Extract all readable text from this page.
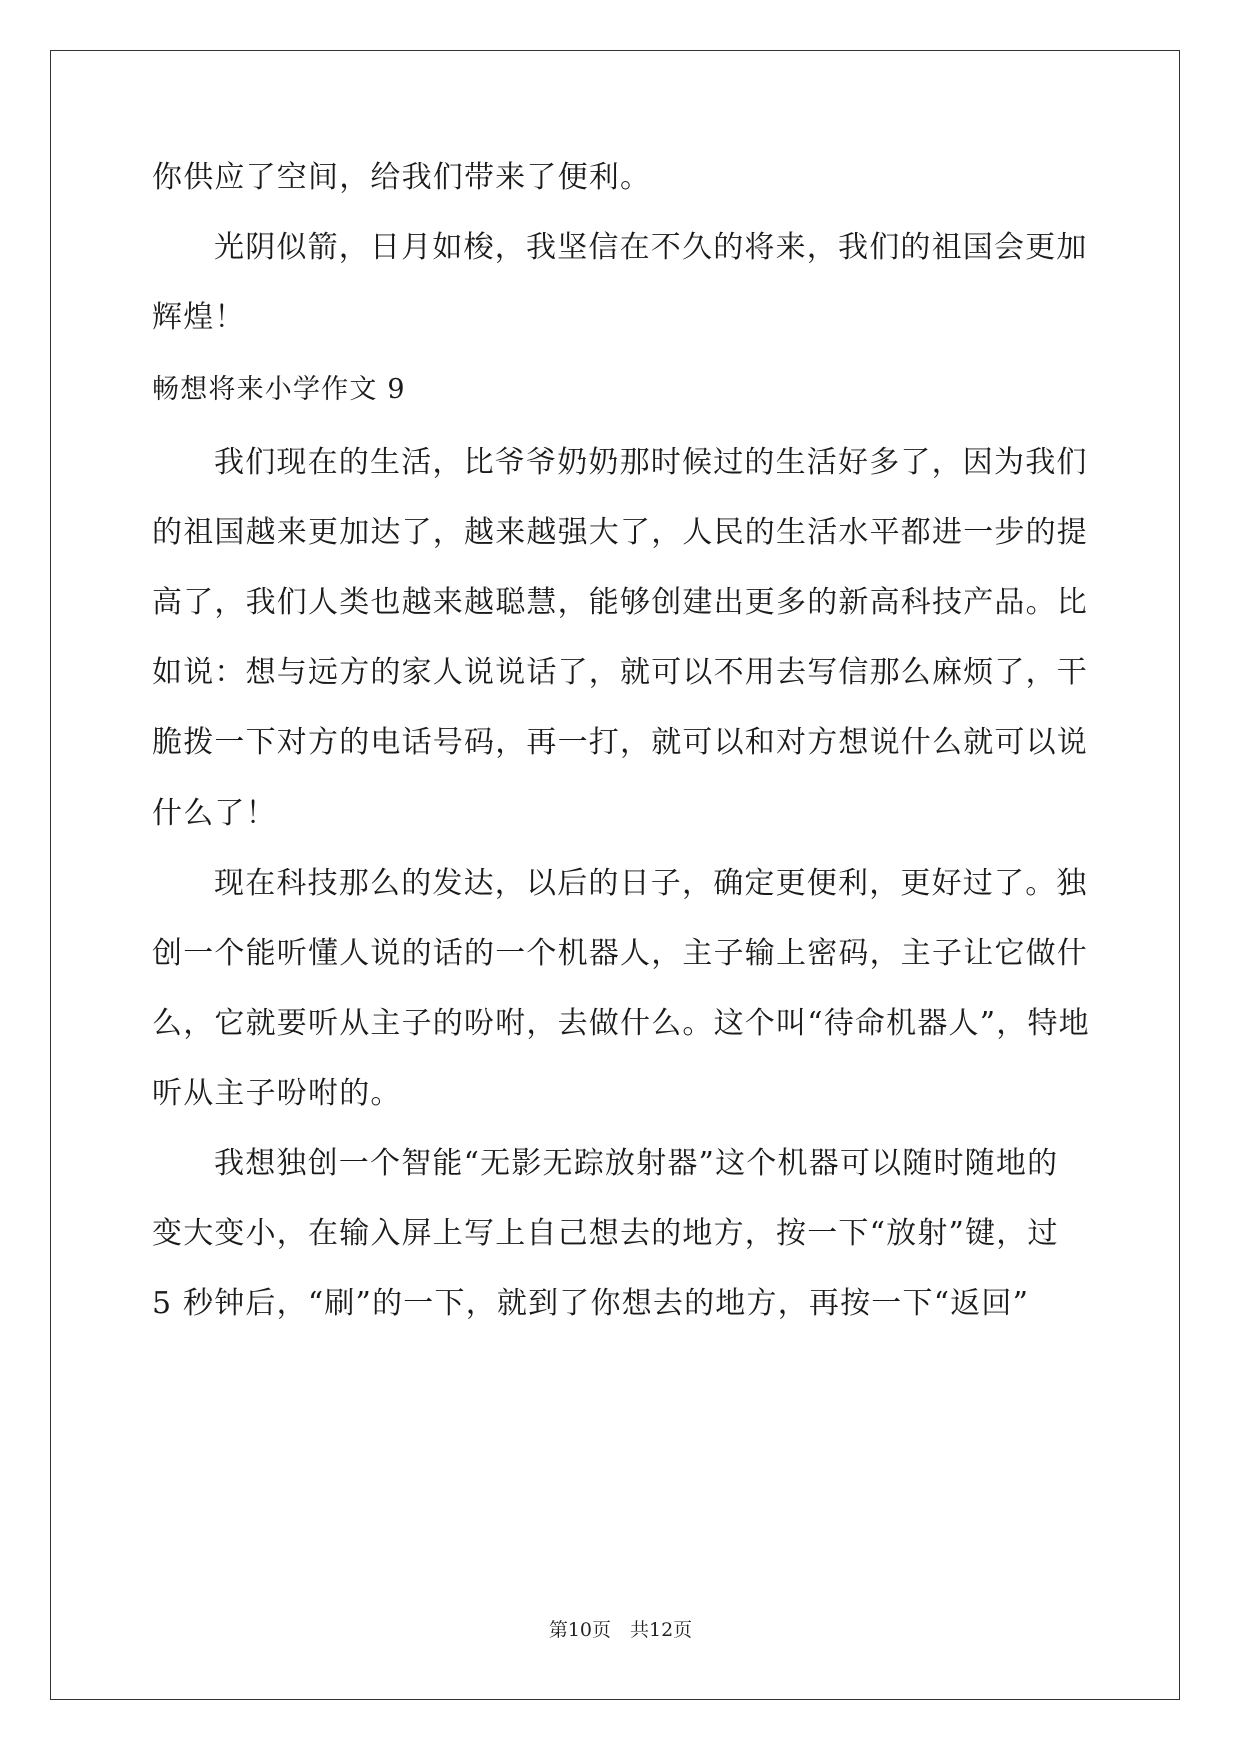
你供应了空间，给我们带来了便利。
光阴似箭，日月如梭，我坚信在不久的将来，我们的祖国会更加
辉煌！
畅想将来小学作文 9
我们现在的生活，比爷爷奶奶那时候过的生活好多了，因为我们
的祖国越来更加达了，越来越强大了，人民的生活水平都进一步的提
高了，我们人类也越来越聪慧，能够创建出更多的新高科技产品。比
如说：想与远方的家人说说话了，就可以不用去写信那么麻烦了，干
脆拨一下对方的电话号码，再一打，就可以和对方想说什么就可以说
什么了！
现在科技那么的发达，以后的日子，确定更便利，更好过了。独
创一个能听懂人说的话的一个机器人，主子输上密码，主子让它做什
么，它就要听从主子的吩咐，去做什么。这个叫“待命机器人”，特地
听从主子吩咐的。
我想独创一个智能“无影无踪放射器”这个机器可以随时随地的
变大变小，在输入屏上写上自己想去的地方，按一下“放射”键，过
5 秒钟后，“刷”的一下，就到了你想去的地方，再按一下“返回”
第10页　共12页
